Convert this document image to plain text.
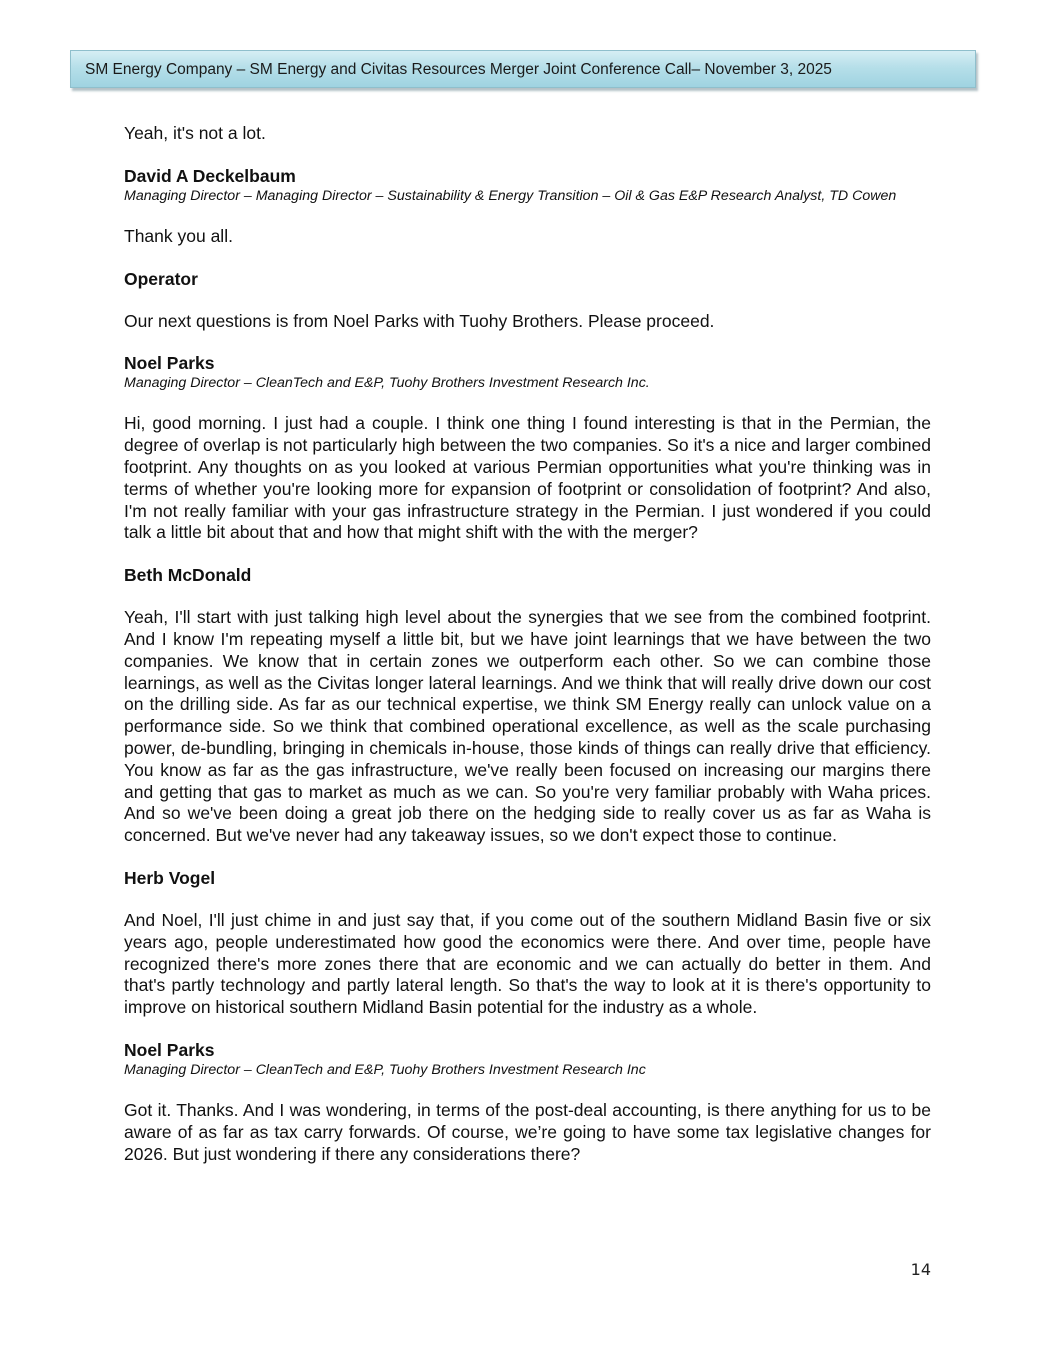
SM Energy Company – SM Energy and Civitas Resources Merger Joint Conference Call– November 3, 2025

Yeah, it's not a lot.

David A Deckelbaum

Managing Director – Managing Director – Sustainability & Energy Transition – Oil & Gas E&P Research Analyst, TD Cowen

Thank you all.

Operator

Our next questions is from Noel Parks with Tuohy Brothers. Please proceed.

Noel Parks

Managing Director – CleanTech and E&P, Tuohy Brothers Investment Research Inc.

Hi, good morning. I just had a couple. I think one thing I found interesting is that in the Permian, the degree of overlap is not particularly high between the two companies. So it's a nice and larger combined footprint. Any thoughts on as you looked at various Permian opportunities what you're thinking was in terms of whether you're looking more for expansion of footprint or consolidation of footprint? And also, I'm not really familiar with your gas infrastructure strategy in the Permian. I just wondered if you could talk a little bit about that and how that might shift with the with the merger?

Beth McDonald

Yeah, I'll start with just talking high level about the synergies that we see from the combined footprint. And I know I'm repeating myself a little bit, but we have joint learnings that we have between the two companies. We know that in certain zones we outperform each other. So we can combine those learnings, as well as the Civitas longer lateral learnings. And we think that will really drive down our cost on the drilling side. As far as our technical expertise, we think SM Energy really can unlock value on a performance side. So we think that combined operational excellence, as well as the scale purchasing power, de-bundling, bringing in chemicals in-house, those kinds of things can really drive that efficiency. You know as far as the gas infrastructure, we've really been focused on increasing our margins there and getting that gas to market as much as we can. So you're very familiar probably with Waha prices. And so we've been doing a great job there on the hedging side to really cover us as far as Waha is concerned. But we've never had any takeaway issues, so we don't expect those to continue.

Herb Vogel

And Noel, I'll just chime in and just say that, if you come out of the southern Midland Basin five or six years ago, people underestimated how good the economics were there. And over time, people have recognized there's more zones there that are economic and we can actually do better in them. And that's partly technology and partly lateral length. So that's the way to look at it is there's opportunity to improve on historical southern Midland Basin potential for the industry as a whole.

Noel Parks

Managing Director – CleanTech and E&P, Tuohy Brothers Investment Research Inc

Got it. Thanks. And I was wondering, in terms of the post-deal accounting, is there anything for us to be aware of as far as tax carry forwards. Of course, we’re going to have some tax legislative changes for 2026. But just wondering if there any considerations there?

14
